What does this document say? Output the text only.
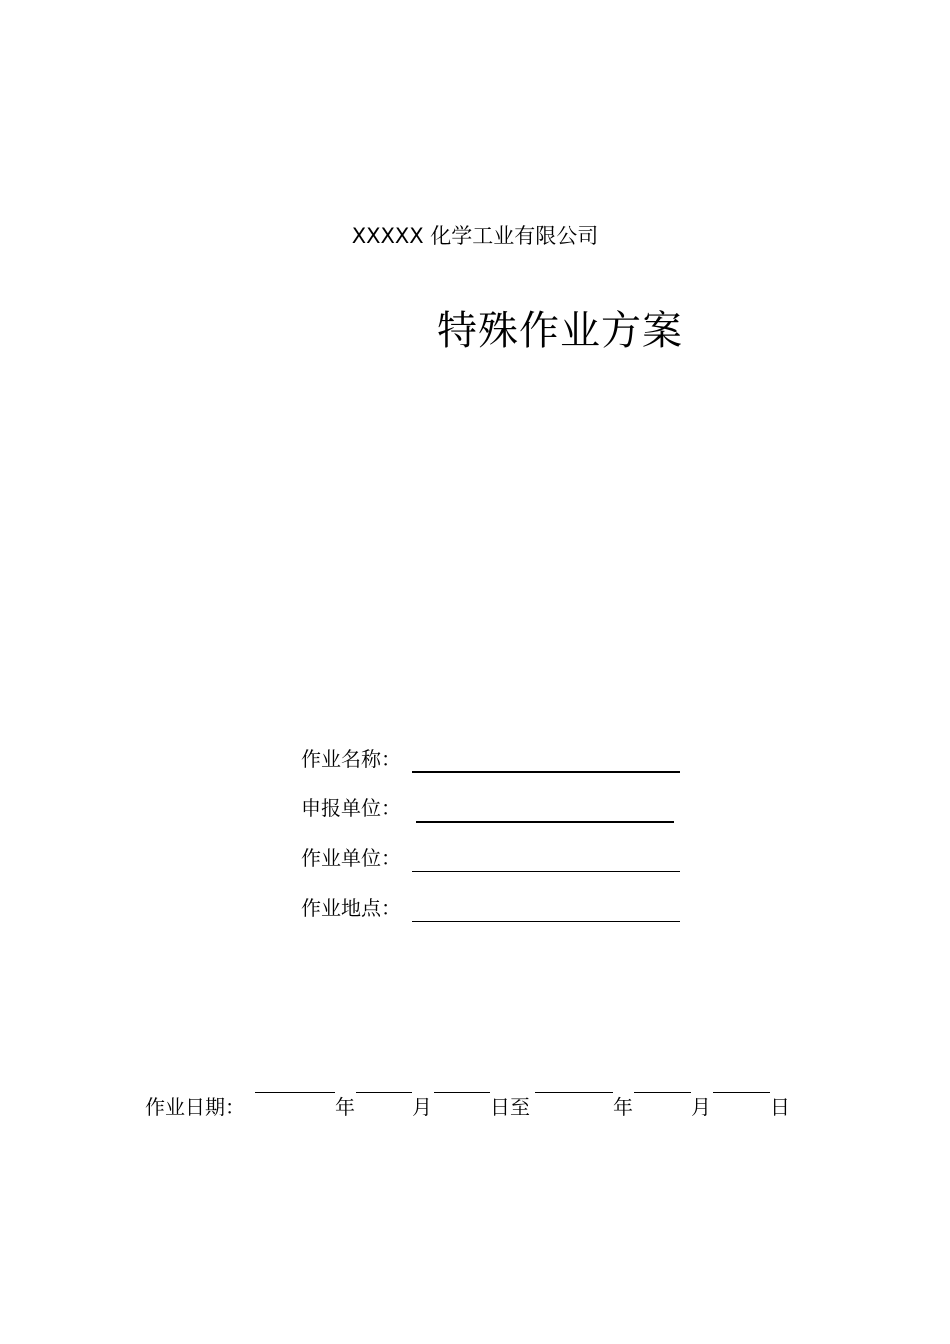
XXXXX 化学工业有限公司
特殊作业方案
作业名称：
申报单位：
作业单位：
作业地点：
作业日期：	年	月	日至	年	月	日
